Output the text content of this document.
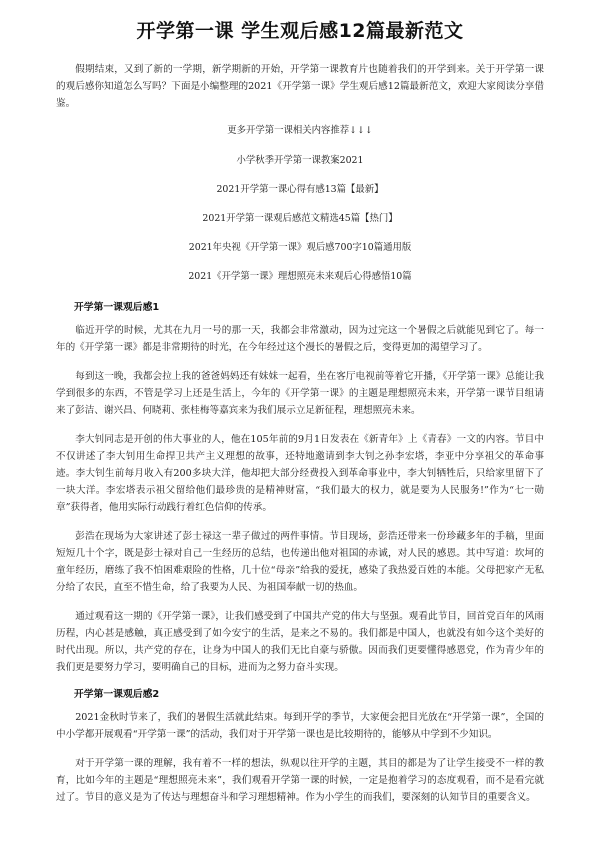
开学第一课 学生观后感12篇最新范文

假期结束，又到了新的一学期，新学期新的开始，开学第一课教育片也随着我们的开学到来。关于开学第一课的观后感你知道怎么写吗？下面是小编整理的2021《开学第一课》学生观后感12篇最新范文，欢迎大家阅读分享借鉴。

更多开学第一课相关内容推荐↓↓↓
小学秋季开学第一课教案2021
2021开学第一课心得有感13篇【最新】
2021开学第一课观后感范文精选45篇【热门】
2021年央视《开学第一课》观后感700字10篇通用版
2021《开学第一课》理想照亮未来观后心得感悟10篇
开学第一课观后感1

临近开学的时候，尤其在九月一号的那一天，我都会非常激动，因为过完这一个暑假之后就能见到它了。每一年的《开学第一课》都是非常期待的时光，在今年经过这个漫长的暑假之后，变得更加的渴望学习了。

每到这一晚，我都会拉上我的爸爸妈妈还有妹妹一起看，坐在客厅电视前等着它开播，《开学第一课》总能让我学到很多的东西，不管是学习上还是生活上，今年的《开学第一课》的主题是理想照亮未来，开学第一课节目组请来了彭洁、谢兴昌、何晓莉、张桂梅等嘉宾来为我们展示立足新征程，理想照亮未来。

李大钊同志是开创的伟大事业的人，他在105年前的9月1日发表在《新青年》上《青春》一文的内容。节目中不仅讲述了李大钊用生命捍卫共产主义理想的故事，还特地邀请到李大钊之孙李宏塔，李亚中分享祖父的革命事迹。李大钊生前每月收入有200多块大洋，他却把大部分经费投入到革命事业中，李大钊牺牲后，只给家里留下了一块大洋。李宏塔表示祖父留给他们最珍贵的是精神财富，“我们最大的权力，就是要为人民服务!”作为“七一勋章”获得者，他用实际行动践行着红色信仰的传承。

彭浩在现场为大家讲述了彭士禄这一辈子做过的两件事情。节目现场，彭浩还带来一份珍藏多年的手稿，里面短短几十个字，既是彭士禄对自己一生经历的总结，也传递出他对祖国的赤诚，对人民的感恩。其中写道：坎坷的童年经历，磨练了我不怕困难艰险的性格，几十位“母亲”给我的爱抚，感染了我热爱百姓的本能。父母把家产无私分给了农民，直至不惜生命，给了我要为人民、为祖国奉献一切的热血。

通过观看这一期的《开学第一课》，让我们感受到了中国共产党的伟大与坚强。观看此节目，回首党百年的风雨历程，内心甚是感触，真正感受到了如今安宁的生活，是来之不易的。我们都是中国人，也就没有如今这个美好的时代出现。所以，共产党的存在，让身为中国人的我们无比自豪与骄傲。因而我们更要懂得感恩党，作为青少年的我们更是要努力学习，要明确自己的目标，进而为之努力奋斗实现。

开学第一课观后感2

2021金秋时节来了，我们的暑假生活就此结束。每到开学的季节，大家便会把目光放在“开学第一课”，全国的中小学都开展观看“开学第一课”的活动，我们对于开学第一课也是比较期待的，能够从中学到不少知识。

对于开学第一课的理解，我有着不一样的想法，纵观以往开学的主题，其目的都是为了让学生接受不一样的教育，比如今年的主题是“理想照亮未来”，我们观看开学第一课的时候，一定是抱着学习的态度观看，而不是看完就过了。节目的意义是为了传达与理想奋斗和学习理想精神。作为小学生的而我们，要深刻的认知节目的重要含义。
